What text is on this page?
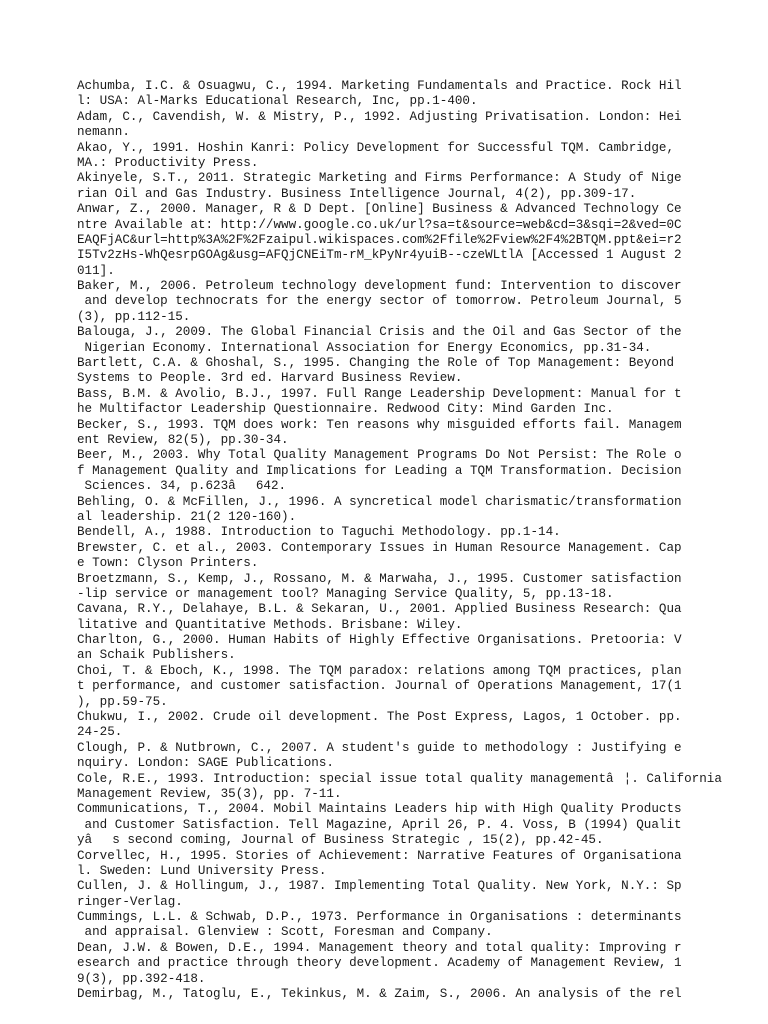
Achumba, I.C. & Osuagwu, C., 1994. Marketing Fundamentals and Practice. Rock Hil
l: USA: Al-Marks Educational Research, Inc, pp.1-400.
Adam, C., Cavendish, W. & Mistry, P., 1992. Adjusting Privatisation. London: Hei
nemann.
Akao, Y., 1991. Hoshin Kanri: Policy Development for Successful TQM. Cambridge,
MA.: Productivity Press.
Akinyele, S.T., 2011. Strategic Marketing and Firms Performance: A Study of Nige
rian Oil and Gas Industry. Business Intelligence Journal, 4(2), pp.309-17.
Anwar, Z., 2000. Manager, R & D Dept. [Online] Business & Advanced Technology Ce
ntre Available at: http://www.google.co.uk/url?sa=t&source=web&cd=3&sqi=2&ved=0C
EAQFjAC&url=http%3A%2F%2Fzaipul.wikispaces.com%2Ffile%2Fview%2F4%2BTQM.ppt&ei=r2
I5Tv2zHs-WhQesrpGOAg&usg=AFQjCNEiTm-rM_kPyNr4yuiB--czeWLtlA [Accessed 1 August 2
011].
Baker, M., 2006. Petroleum technology development fund: Intervention to discover
and develop technocrats for the energy sector of tomorrow. Petroleum Journal, 5
(3), pp.112-15.
Balouga, J., 2009. The Global Financial Crisis and the Oil and Gas Sector of the
Nigerian Economy. International Association for Energy Economics, pp.31-34.
Bartlett, C.A. & Ghoshal, S., 1995. Changing the Role of Top Management: Beyond
Systems to People. 3rd ed. Harvard Business Review.
Bass, B.M. & Avolio, B.J., 1997. Full Range Leadership Development: Manual for t
he Multifactor Leadership Questionnaire. Redwood City: Mind Garden Inc.
Becker, S., 1993. TQM does work: Ten reasons why misguided efforts fail. Managem
ent Review, 82(5), pp.30-34.
Beer, M., 2003. Why Total Quality Management Programs Do Not Persist: The Role o
f Management Quality and Implications for Leading a TQM Transformation. Decision
Sciences. 34, p.623â642.
Behling, O. & McFillen, J., 1996. A syncretical model charismatic/transformation
al leadership. 21(2 120-160).
Bendell, A., 1988. Introduction to Taguchi Methodology. pp.1-14.
Brewster, C. et al., 2003. Contemporary Issues in Human Resource Management. Cap
e Town: Clyson Printers.
Broetzmann, S., Kemp, J., Rossano, M. & Marwaha, J., 1995. Customer satisfaction
-lip service or management tool? Managing Service Quality, 5, pp.13-18.
Cavana, R.Y., Delahaye, B.L. & Sekaran, U., 2001. Applied Business Research: Qua
litative and Quantitative Methods. Brisbane: Wiley.
Charlton, G., 2000. Human Habits of Highly Effective Organisations. Pretooria: V
an Schaik Publishers.
Choi, T. & Eboch, K., 1998. The TQM paradox: relations among TQM practices, plan
t performance, and customer satisfaction. Journal of Operations Management, 17(1
), pp.59-75.
Chukwu, I., 2002. Crude oil development. The Post Express, Lagos, 1 October. pp.
24-25.
Clough, P. & Nutbrown, C., 2007. A student's guide to methodology : Justifying e
nquiry. London: SAGE Publications.
Cole, R.E., 1993. Introduction: special issue total quality managementâ¦. California
Management Review, 35(3), pp. 7-11.
Communications, T., 2004. Mobil Maintains Leaders hip with High Quality Products
and Customer Satisfaction. Tell Magazine, April 26, P. 4. Voss, B (1994) Qualit
yâs second coming, Journal of Business Strategic , 15(2), pp.42-45.
Corvellec, H., 1995. Stories of Achievement: Narrative Features of Organisationa
l. Sweden: Lund University Press.
Cullen, J. & Hollingum, J., 1987. Implementing Total Quality. New York, N.Y.: Sp
ringer-Verlag.
Cummings, L.L. & Schwab, D.P., 1973. Performance in Organisations : determinants
and appraisal. Glenview : Scott, Foresman and Company.
Dean, J.W. & Bowen, D.E., 1994. Management theory and total quality: Improving r
esearch and practice through theory development. Academy of Management Review, 1
9(3), pp.392-418.
Demirbag, M., Tatoglu, E., Tekinkus, M. & Zaim, S., 2006. An analysis of the rel
